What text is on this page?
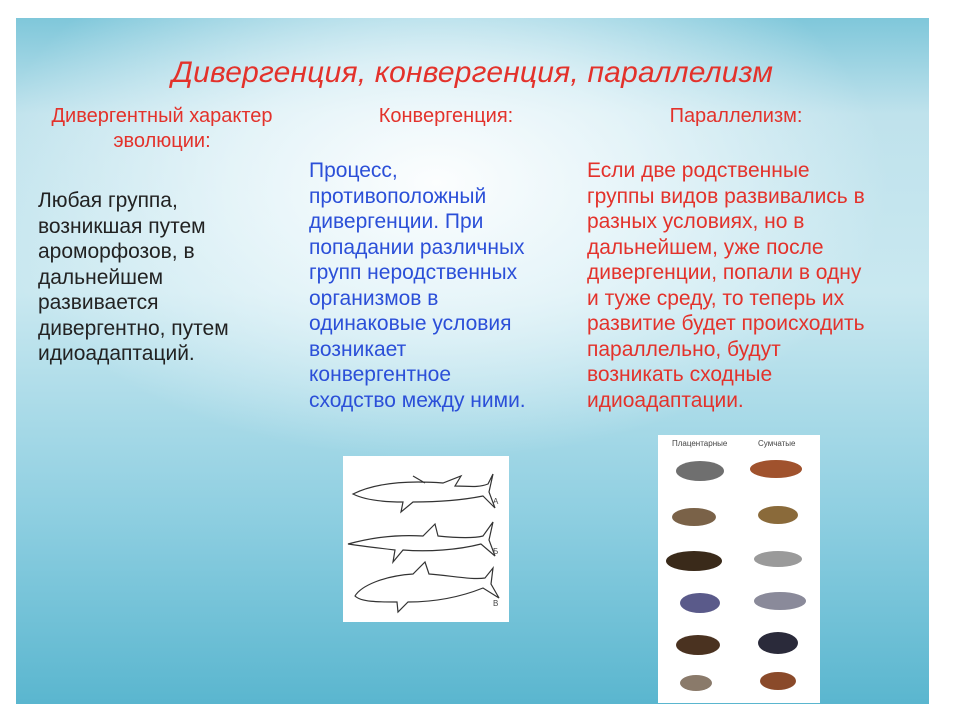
Дивергенция, конвергенция, параллелизм
Дивергентный характер эволюции:
Конвергенция:	Параллелизм:
Любая группа,
возникшая путем
ароморфозов, в
дальнейшем
развивается
дивергентно, путем
идиоадаптаций.
Процесс,
противоположный
дивергенции. При
попадании различных
групп неродственных
организмов в
одинаковые условия
возникает
конвергентное
сходство между ними.
Если две родственные
группы видов развивались в
разных условиях, но в
дальнейшем, уже после
дивергенции, попали в одну
и туже среду, то теперь их
развитие будет происходить
параллельно, будут
возникать сходные
идиоадаптации.
А
Б
В
Плацентарные	Сумчатые
